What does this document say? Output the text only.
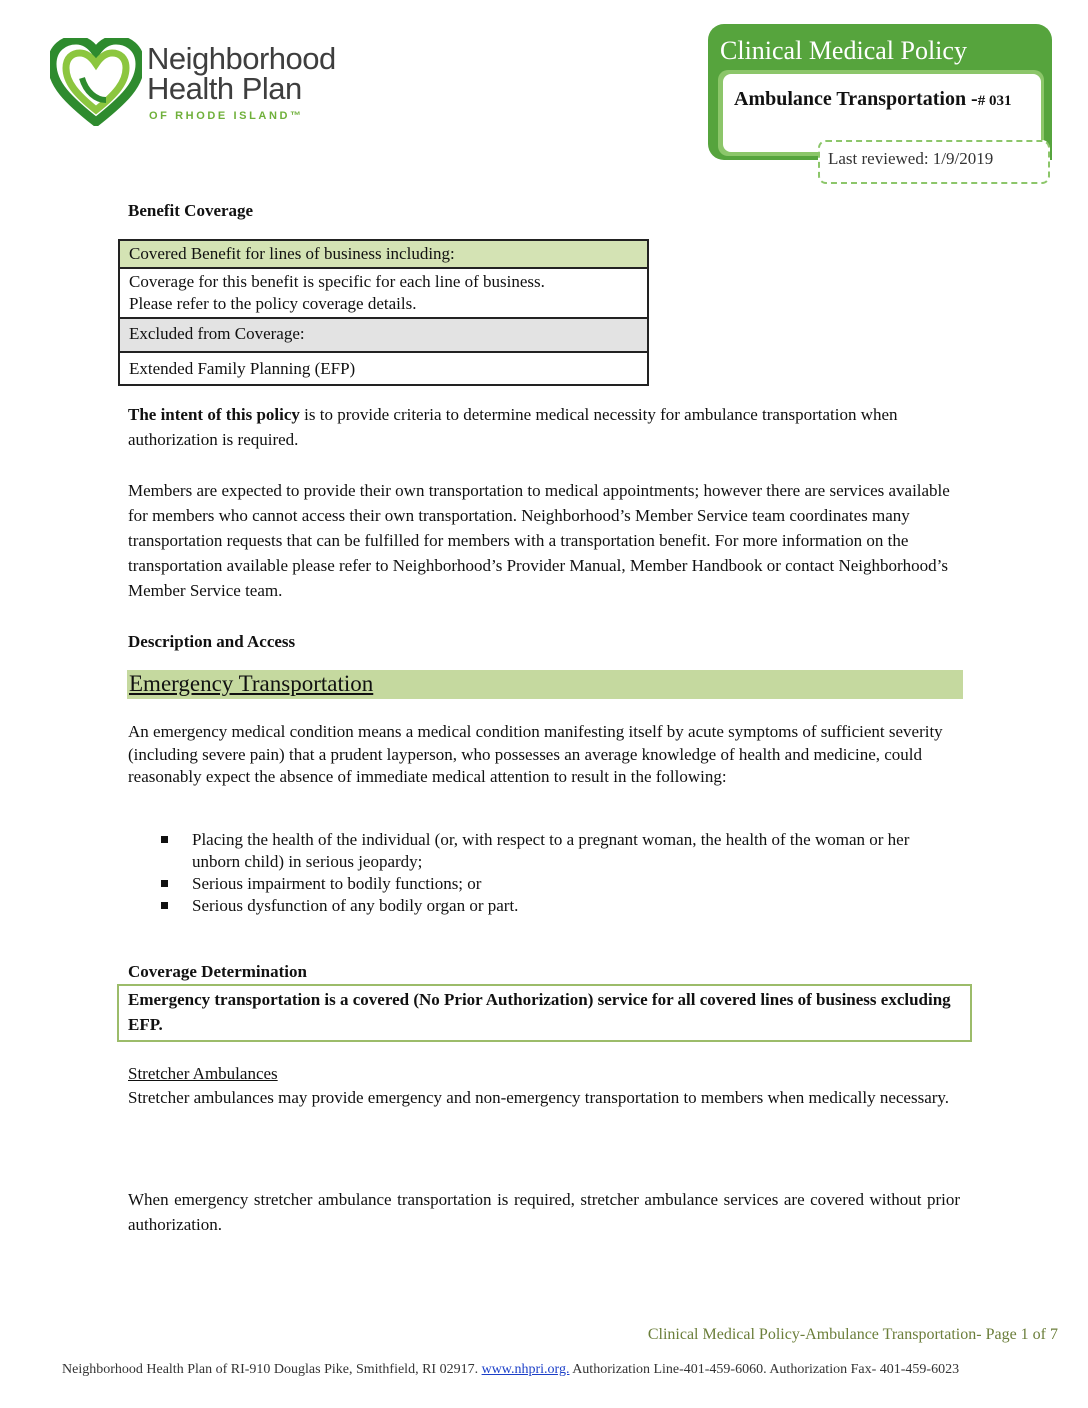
Neighborhood
Health Plan
OF RHODE ISLAND™
Clinical Medical Policy
Ambulance Transportation -# 031
Last reviewed: 1/9/2019
Benefit Coverage
Covered Benefit for lines of business including:

Coverage for this benefit is specific for each line of business.
Please refer to the policy coverage details.

Excluded from Coverage:
Extended Family Planning (EFP)
The intent of this policy is to provide criteria to determine medical necessity for ambulance transportation when authorization is required.
Members are expected to provide their own transportation to medical appointments; however there are services available for members who cannot access their own transportation. Neighborhood’s Member Service team coordinates many transportation requests that can be fulfilled for members with a transportation benefit. For more information on the transportation available please refer to Neighborhood’s Provider Manual, Member Handbook or contact Neighborhood’s Member Service team.
Description and Access
Emergency Transportation
An emergency medical condition means a medical condition manifesting itself by acute symptoms of sufficient severity (including severe pain) that a prudent layperson, who possesses an average knowledge of health and medicine, could reasonably expect the absence of immediate medical attention to result in the following:
Placing the health of the individual (or, with respect to a pregnant woman, the health of the woman or her unborn child) in serious jeopardy;
Serious impairment to bodily functions; or
Serious dysfunction of any bodily organ or part.
Coverage Determination
Emergency transportation is a covered (No Prior Authorization) service for all covered lines of business excluding EFP.
Stretcher Ambulances
Stretcher ambulances may provide emergency and non-emergency transportation to members when medically necessary.
When emergency stretcher ambulance transportation is required, stretcher ambulance services are covered without prior authorization.
Clinical Medical Policy-Ambulance Transportation- Page 1 of 7
Neighborhood Health Plan of RI-910 Douglas Pike, Smithfield, RI 02917. www.nhpri.org. Authorization Line-401-459-6060. Authorization Fax- 401-459-6023
